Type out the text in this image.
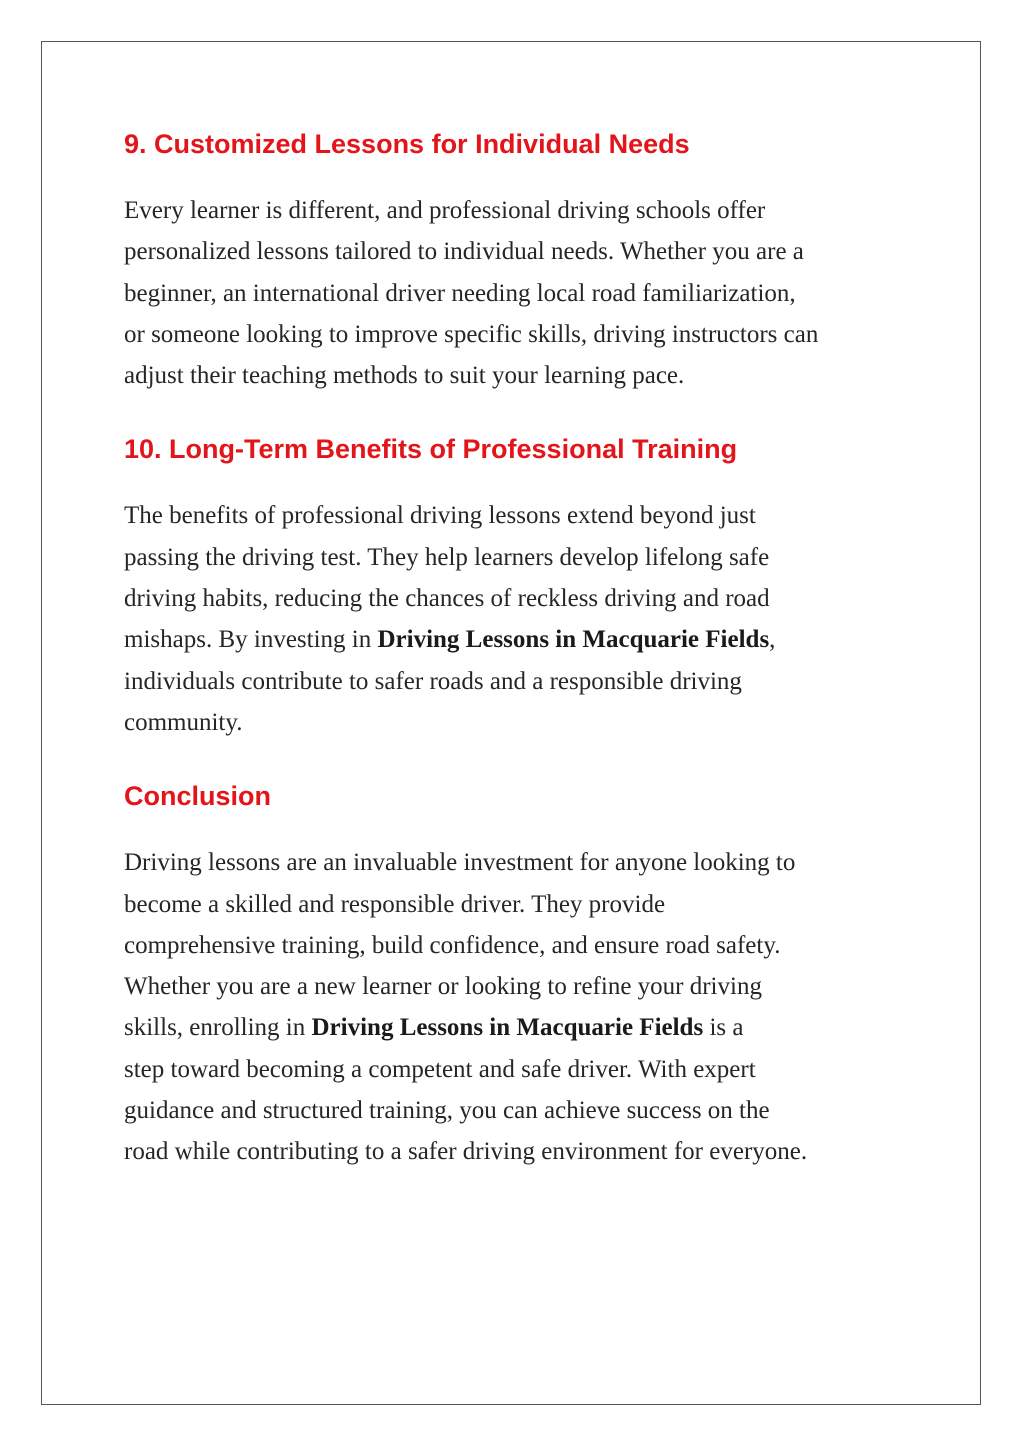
9. Customized Lessons for Individual Needs

Every learner is different, and professional driving schools offer
personalized lessons tailored to individual needs. Whether you are a
beginner, an international driver needing local road familiarization,
or someone looking to improve specific skills, driving instructors can
adjust their teaching methods to suit your learning pace.

10. Long-Term Benefits of Professional Training

The benefits of professional driving lessons extend beyond just
passing the driving test. They help learners develop lifelong safe
driving habits, reducing the chances of reckless driving and road
mishaps. By investing in Driving Lessons in Macquarie Fields,
individuals contribute to safer roads and a responsible driving
community.

Conclusion

Driving lessons are an invaluable investment for anyone looking to
become a skilled and responsible driver. They provide
comprehensive training, build confidence, and ensure road safety.
Whether you are a new learner or looking to refine your driving
skills, enrolling in Driving Lessons in Macquarie Fields is a
step toward becoming a competent and safe driver. With expert
guidance and structured training, you can achieve success on the
road while contributing to a safer driving environment for everyone.
